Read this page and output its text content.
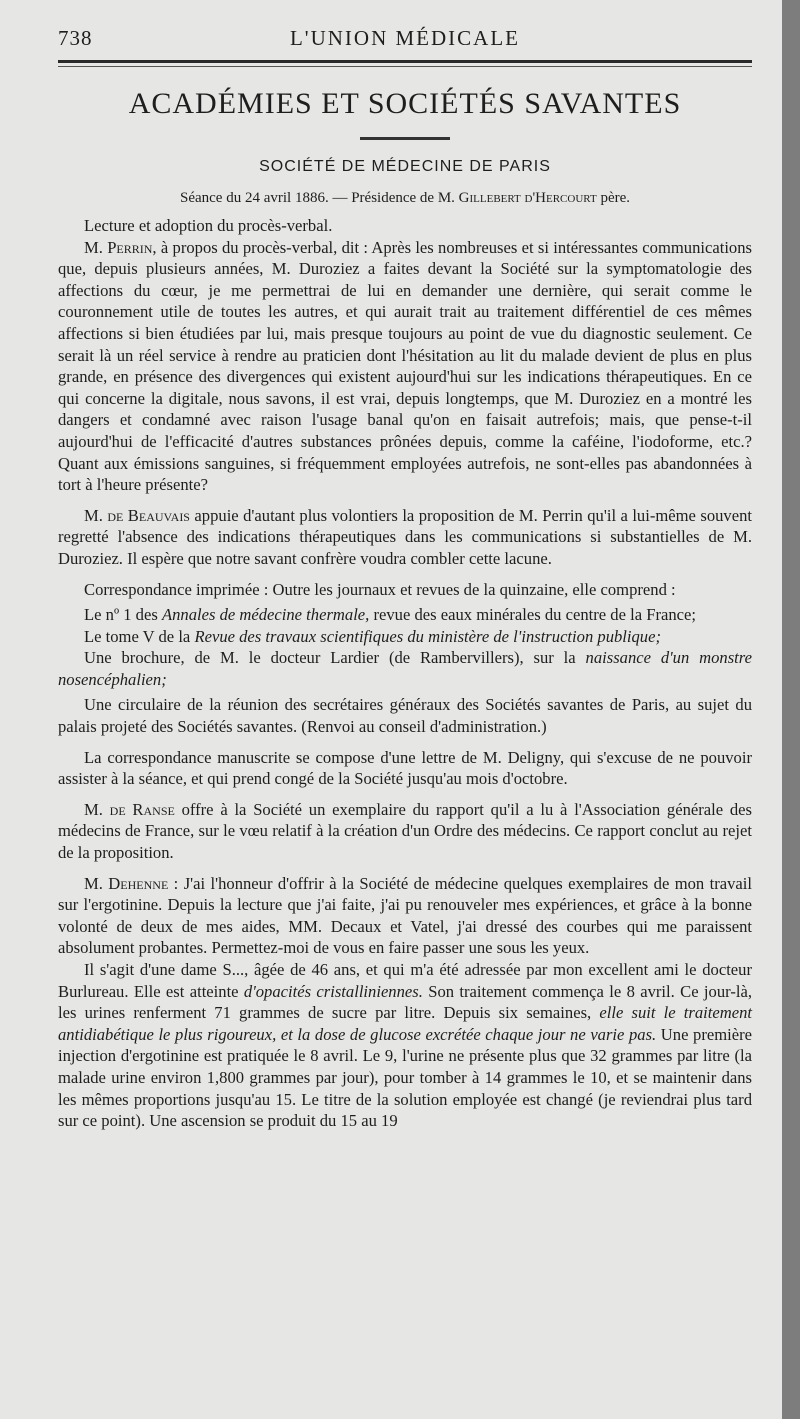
738	L'UNION MÉDICALE
ACADÉMIES ET SOCIÉTÉS SAVANTES
SOCIÉTÉ DE MÉDECINE DE PARIS
Séance du 24 avril 1886. — Présidence de M. Gillebert d'Hercourt père.

Lecture et adoption du procès-verbal.

M. Perrin, à propos du procès-verbal, dit : Après les nombreuses et si intéressantes communications que, depuis plusieurs années, M. Duroziez a faites devant la Société sur la symptomatologie des affections du cœur, je me permettrai de lui en demander une dernière, qui serait comme le couronnement utile de toutes les autres, et qui aurait trait au traitement différentiel de ces mêmes affections si bien étudiées par lui, mais presque toujours au point de vue du diagnostic seulement. Ce serait là un réel service à rendre au praticien dont l'hésitation au lit du malade devient de plus en plus grande, en présence des divergences qui existent aujourd'hui sur les indications thérapeutiques. En ce qui concerne la digitale, nous savons, il est vrai, depuis longtemps, que M. Duroziez en a montré les dangers et condamné avec raison l'usage banal qu'on en faisait autrefois; mais, que pense-t-il aujourd'hui de l'efficacité d'autres substances prônées depuis, comme la caféine, l'iodoforme, etc.? Quant aux émissions sanguines, si fréquemment employées autrefois, ne sont-elles pas abandonnées à tort à l'heure présente?

M. de Beauvais appuie d'autant plus volontiers la proposition de M. Perrin qu'il a lui-même souvent regretté l'absence des indications thérapeutiques dans les communications si substantielles de M. Duroziez. Il espère que notre savant confrère voudra combler cette lacune.

Correspondance imprimée : Outre les journaux et revues de la quinzaine, elle comprend :

Le nº 1 des Annales de médecine thermale, revue des eaux minérales du centre de la France;

Le tome V de la Revue des travaux scientifiques du ministère de l'instruction publique;

Une brochure, de M. le docteur Lardier (de Rambervillers), sur la naissance d'un monstre nosencéphalien;

Une circulaire de la réunion des secrétaires généraux des Sociétés savantes de Paris, au sujet du palais projeté des Sociétés savantes. (Renvoi au conseil d'administration.)

La correspondance manuscrite se compose d'une lettre de M. Deligny, qui s'excuse de ne pouvoir assister à la séance, et qui prend congé de la Société jusqu'au mois d'octobre.

M. de Ranse offre à la Société un exemplaire du rapport qu'il a lu à l'Association générale des médecins de France, sur le vœu relatif à la création d'un Ordre des médecins. Ce rapport conclut au rejet de la proposition.

M. Dehenne : J'ai l'honneur d'offrir à la Société de médecine quelques exemplaires de mon travail sur l'ergotinine. Depuis la lecture que j'ai faite, j'ai pu renouveler mes expériences, et grâce à la bonne volonté de deux de mes aides, MM. Decaux et Vatel, j'ai dressé des courbes qui me paraissent absolument probantes. Permettez-moi de vous en faire passer une sous les yeux.

Il s'agit d'une dame S..., âgée de 46 ans, et qui m'a été adressée par mon excellent ami le docteur Burlureau. Elle est atteinte d'opacités cristalliniennes. Son traitement commença le 8 avril. Ce jour-là, les urines renferment 71 grammes de sucre par litre. Depuis six semaines, elle suit le traitement antidiabétique le plus rigoureux, et la dose de glucose excrétée chaque jour ne varie pas. Une première injection d'ergotinine est pratiquée le 8 avril. Le 9, l'urine ne présente plus que 32 grammes par litre (la malade urine environ 1,800 grammes par jour), pour tomber à 14 grammes le 10, et se maintenir dans les mêmes proportions jusqu'au 15. Le titre de la solution employée est changé (je reviendrai plus tard sur ce point). Une ascension se produit du 15 au 19
